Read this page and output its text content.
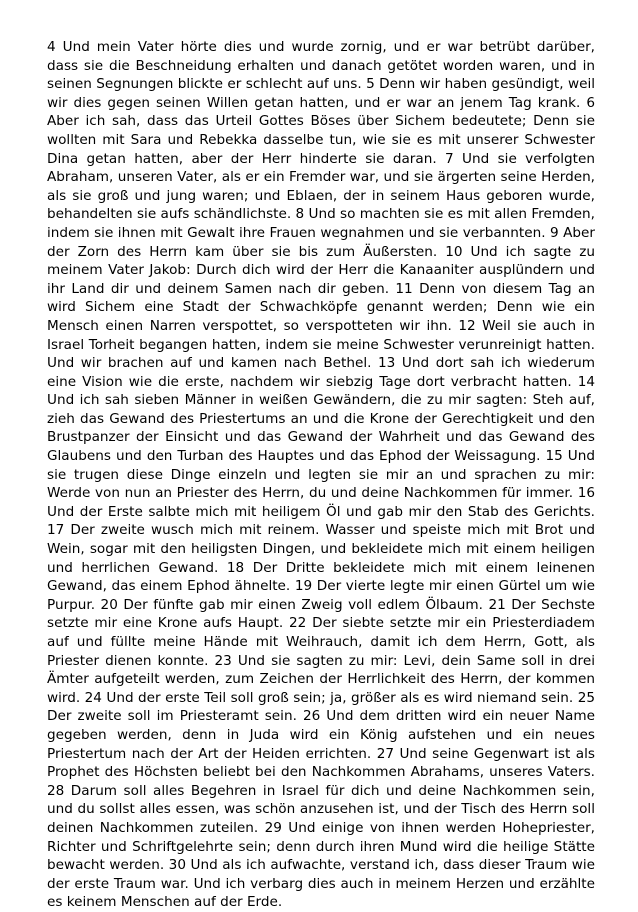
4 Und mein Vater hörte dies und wurde zornig, und er war betrübt darüber, dass sie die Beschneidung erhalten und danach getötet worden waren, und in seinen Segnungen blickte er schlecht auf uns. 5 Denn wir haben gesündigt, weil wir dies gegen seinen Willen getan hatten, und er war an jenem Tag krank. 6 Aber ich sah, dass das Urteil Gottes Böses über Sichem bedeutete; Denn sie wollten mit Sara und Rebekka dasselbe tun, wie sie es mit unserer Schwester Dina getan hatten, aber der Herr hinderte sie daran. 7 Und sie verfolgten Abraham, unseren Vater, als er ein Fremder war, und sie ärgerten seine Herden, als sie groß und jung waren; und Eblaen, der in seinem Haus geboren wurde, behandelten sie aufs schändlichste. 8 Und so machten sie es mit allen Fremden, indem sie ihnen mit Gewalt ihre Frauen wegnahmen und sie verbannten. 9 Aber der Zorn des Herrn kam über sie bis zum Äußersten. 10 Und ich sagte zu meinem Vater Jakob: Durch dich wird der Herr die Kanaaniter ausplündern und ihr Land dir und deinem Samen nach dir geben. 11 Denn von diesem Tag an wird Sichem eine Stadt der Schwachköpfe genannt werden; Denn wie ein Mensch einen Narren verspottet, so verspotteten wir ihn. 12 Weil sie auch in Israel Torheit begangen hatten, indem sie meine Schwester verunreinigt hatten. Und wir brachen auf und kamen nach Bethel. 13 Und dort sah ich wiederum eine Vision wie die erste, nachdem wir siebzig Tage dort verbracht hatten. 14 Und ich sah sieben Männer in weißen Gewändern, die zu mir sagten: Steh auf, zieh das Gewand des Priestertums an und die Krone der Gerechtigkeit und den Brustpanzer der Einsicht und das Gewand der Wahrheit und das Gewand des Glaubens und den Turban des Hauptes und das Ephod der Weissagung. 15 Und sie trugen diese Dinge einzeln und legten sie mir an und sprachen zu mir: Werde von nun an Priester des Herrn, du und deine Nachkommen für immer. 16 Und der Erste salbte mich mit heiligem Öl und gab mir den Stab des Gerichts. 17 Der zweite wusch mich mit reinem. Wasser und speiste mich mit Brot und Wein, sogar mit den heiligsten Dingen, und bekleidete mich mit einem heiligen und herrlichen Gewand. 18 Der Dritte bekleidete mich mit einem leinenen Gewand, das einem Ephod ähnelte. 19 Der vierte legte mir einen Gürtel um wie Purpur. 20 Der fünfte gab mir einen Zweig voll edlem Ölbaum. 21 Der Sechste setzte mir eine Krone aufs Haupt. 22 Der siebte setzte mir ein Priesterdiadem auf und füllte meine Hände mit Weihrauch, damit ich dem Herrn, Gott, als Priester dienen konnte. 23 Und sie sagten zu mir: Levi, dein Same soll in drei Ämter aufgeteilt werden, zum Zeichen der Herrlichkeit des Herrn, der kommen wird. 24 Und der erste Teil soll groß sein; ja, größer als es wird niemand sein. 25 Der zweite soll im Priesteramt sein. 26 Und dem dritten wird ein neuer Name gegeben werden, denn in Juda wird ein König aufstehen und ein neues Priestertum nach der Art der Heiden errichten. 27 Und seine Gegenwart ist als Prophet des Höchsten beliebt bei den Nachkommen Abrahams, unseres Vaters. 28 Darum soll alles Begehren in Israel für dich und deine Nachkommen sein, und du sollst alles essen, was schön anzusehen ist, und der Tisch des Herrn soll deinen Nachkommen zuteilen. 29 Und einige von ihnen werden Hohepriester, Richter und Schriftgelehrte sein; denn durch ihren Mund wird die heilige Stätte bewacht werden. 30 Und als ich aufwachte, verstand ich, dass dieser Traum wie der erste Traum war. Und ich verbarg dies auch in meinem Herzen und erzählte es keinem Menschen auf der Erde.
